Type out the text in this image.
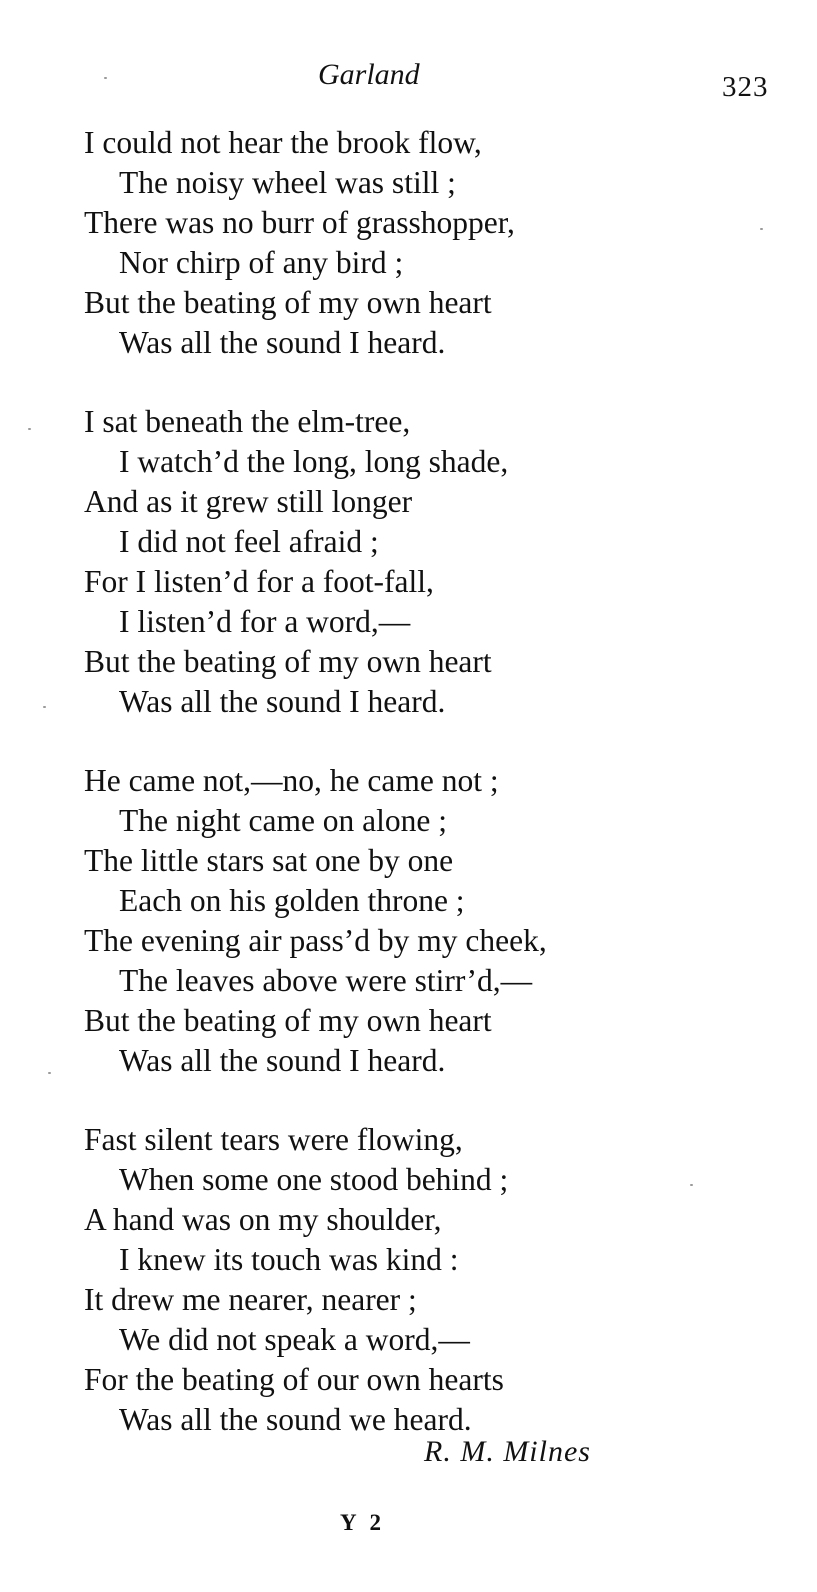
Garland	323
I could not hear the brook flow,
The noisy wheel was still ;
There was no burr of grasshopper,
Nor chirp of any bird ;
But the beating of my own heart
Was all the sound I heard.
I sat beneath the elm-tree,
I watch’d the long, long shade,
And as it grew still longer
I did not feel afraid ;
For I listen’d for a foot-fall,
I listen’d for a word,—
But the beating of my own heart
Was all the sound I heard.
He came not,—no, he came not ;
The night came on alone ;
The little stars sat one by one
Each on his golden throne ;
The evening air pass’d by my cheek,
The leaves above were stirr’d,—
But the beating of my own heart
Was all the sound I heard.
Fast silent tears were flowing,
When some one stood behind ;
A hand was on my shoulder,
I knew its touch was kind :
It drew me nearer, nearer ;
We did not speak a word,—
For the beating of our own hearts
Was all the sound we heard.
R. M. Milnes
Y 2
